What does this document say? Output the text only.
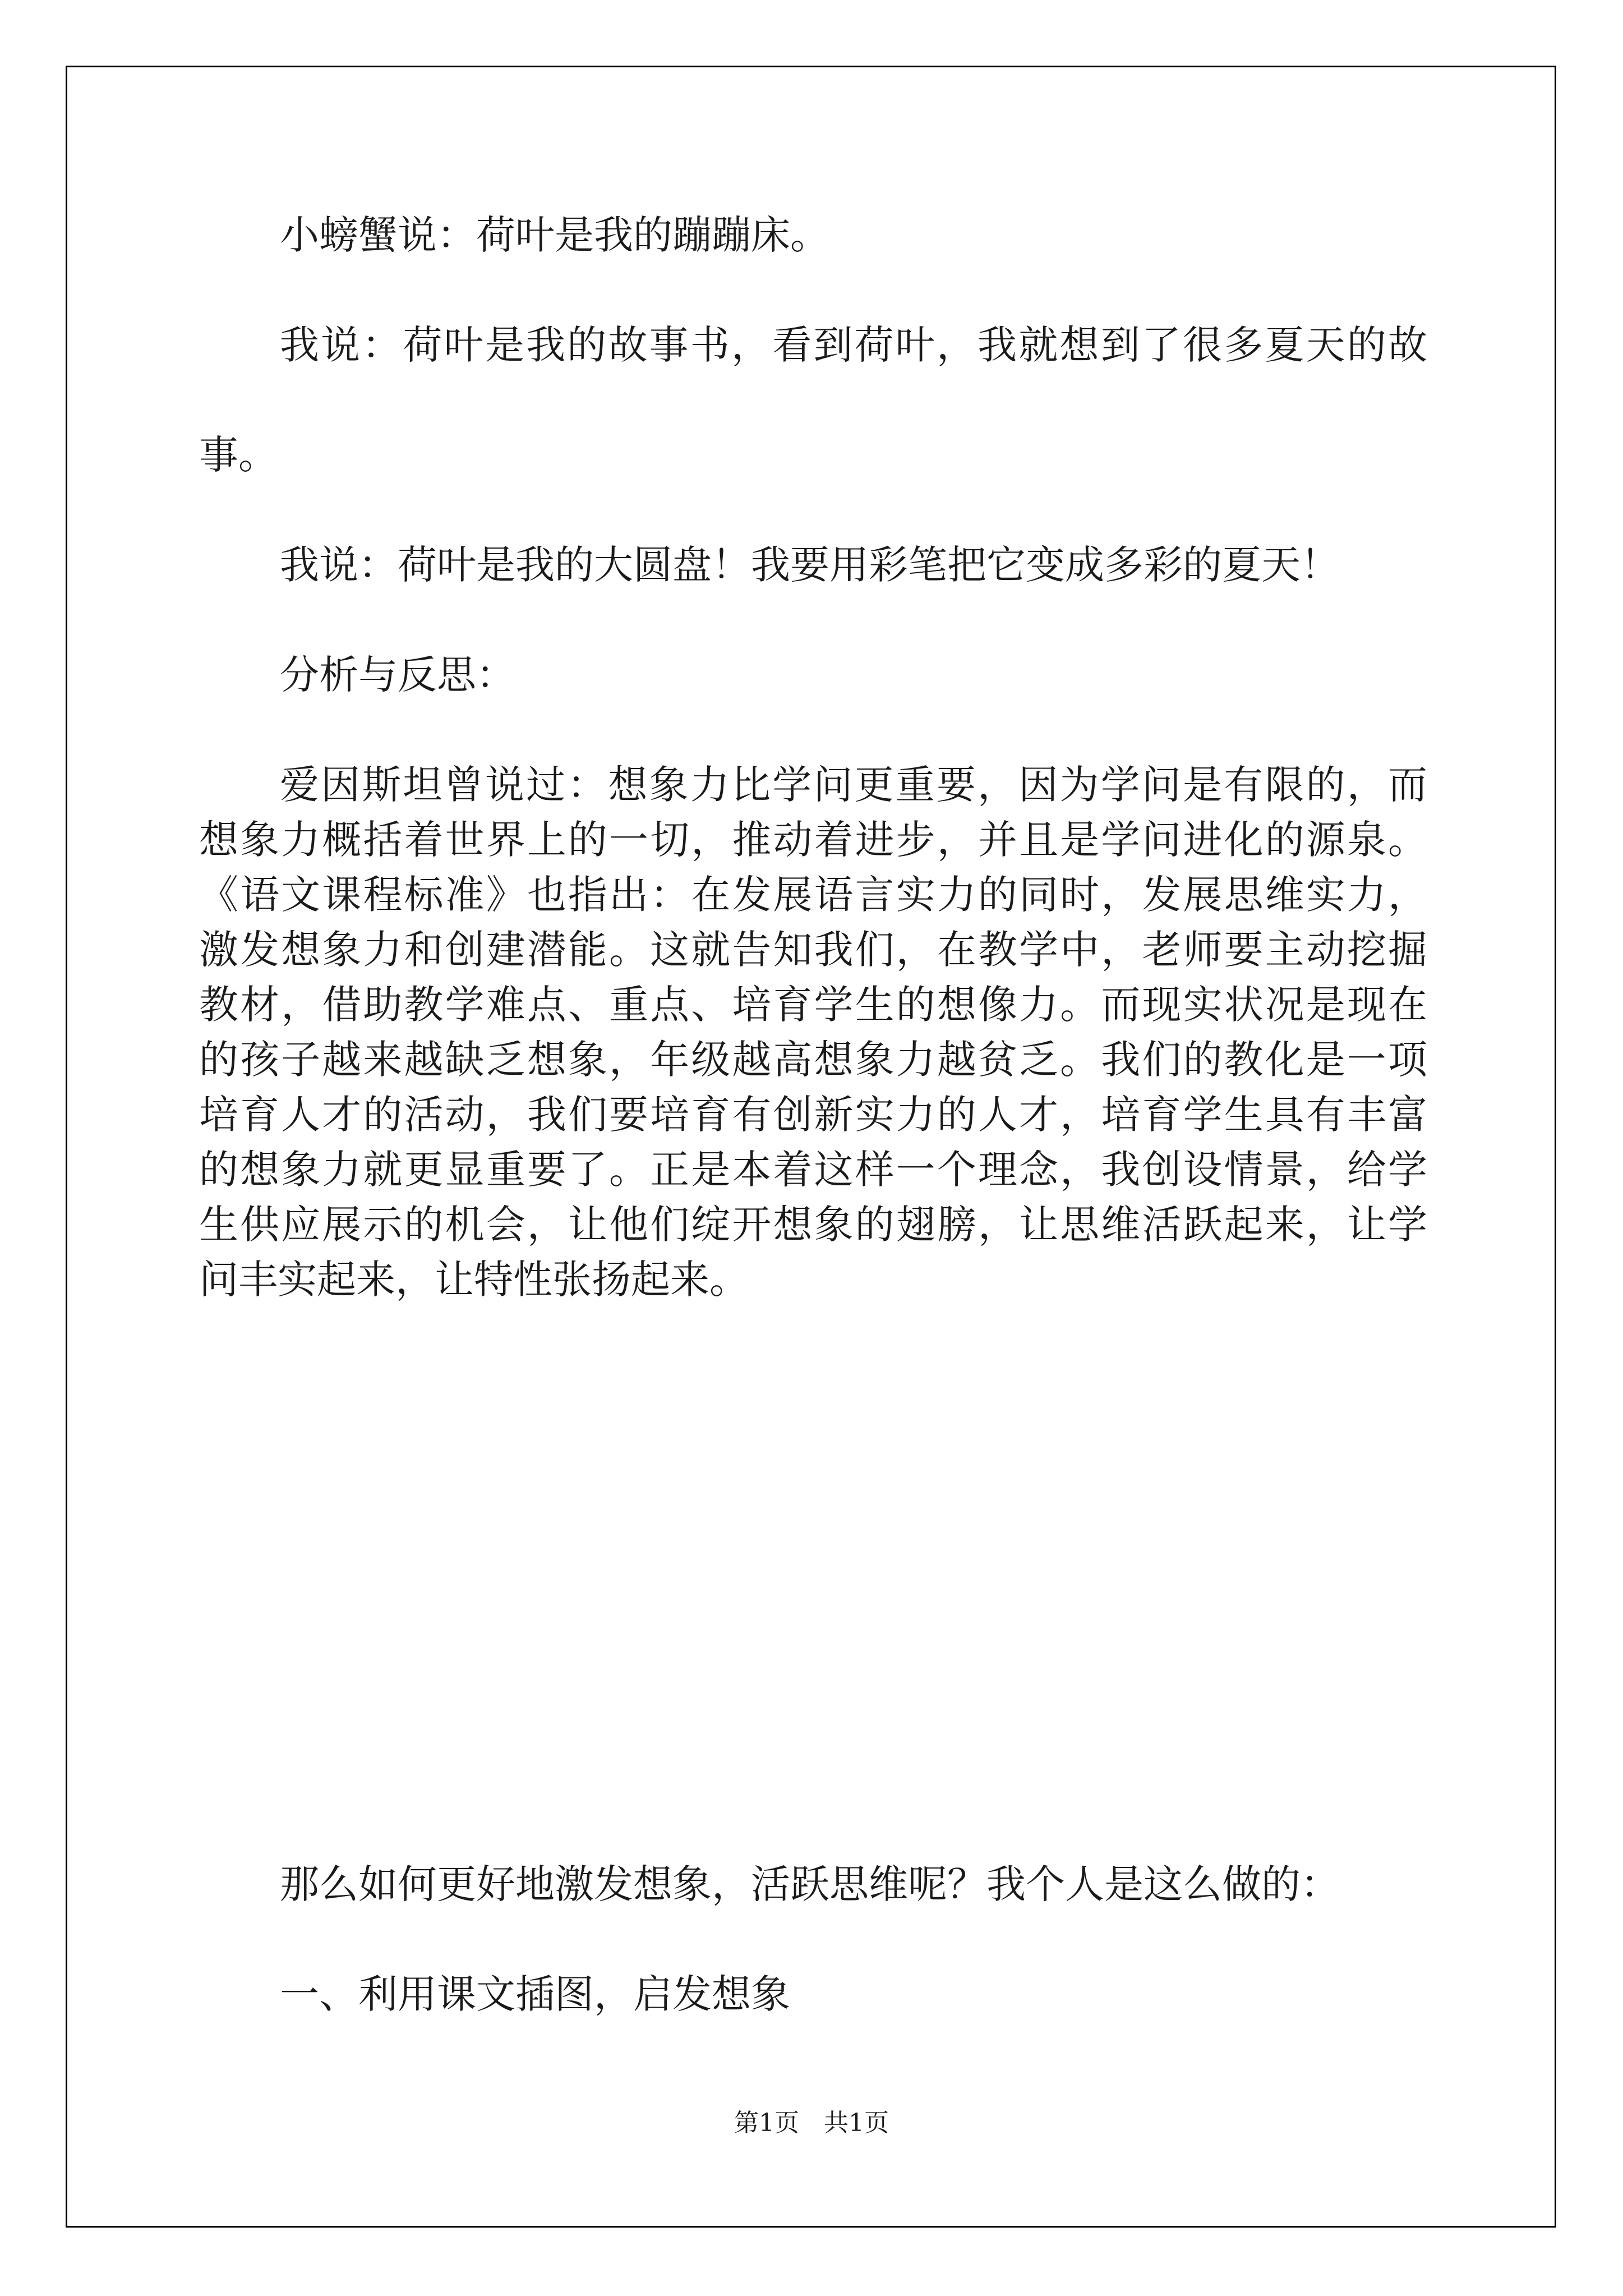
小螃蟹说：荷叶是我的蹦蹦床。
我说：荷叶是我的故事书，看到荷叶，我就想到了很多夏天的故
事。
我说：荷叶是我的大圆盘！我要用彩笔把它变成多彩的夏天！
分析与反思：
爱因斯坦曾说过：想象力比学问更重要，因为学问是有限的，而
想象力概括着世界上的一切，推动着进步，并且是学问进化的源泉。
《语文课程标准》也指出：在发展语言实力的同时，发展思维实力，
激发想象力和创建潜能。这就告知我们，在教学中，老师要主动挖掘
教材，借助教学难点、重点、培育学生的想像力。而现实状况是现在
的孩子越来越缺乏想象，年级越高想象力越贫乏。我们的教化是一项
培育人才的活动，我们要培育有创新实力的人才，培育学生具有丰富
的想象力就更显重要了。正是本着这样一个理念，我创设情景，给学
生供应展示的机会，让他们绽开想象的翅膀，让思维活跃起来，让学
问丰实起来，让特性张扬起来。
那么如何更好地激发想象，活跃思维呢？我个人是这么做的：
一、利用课文插图，启发想象
第1页　共1页
